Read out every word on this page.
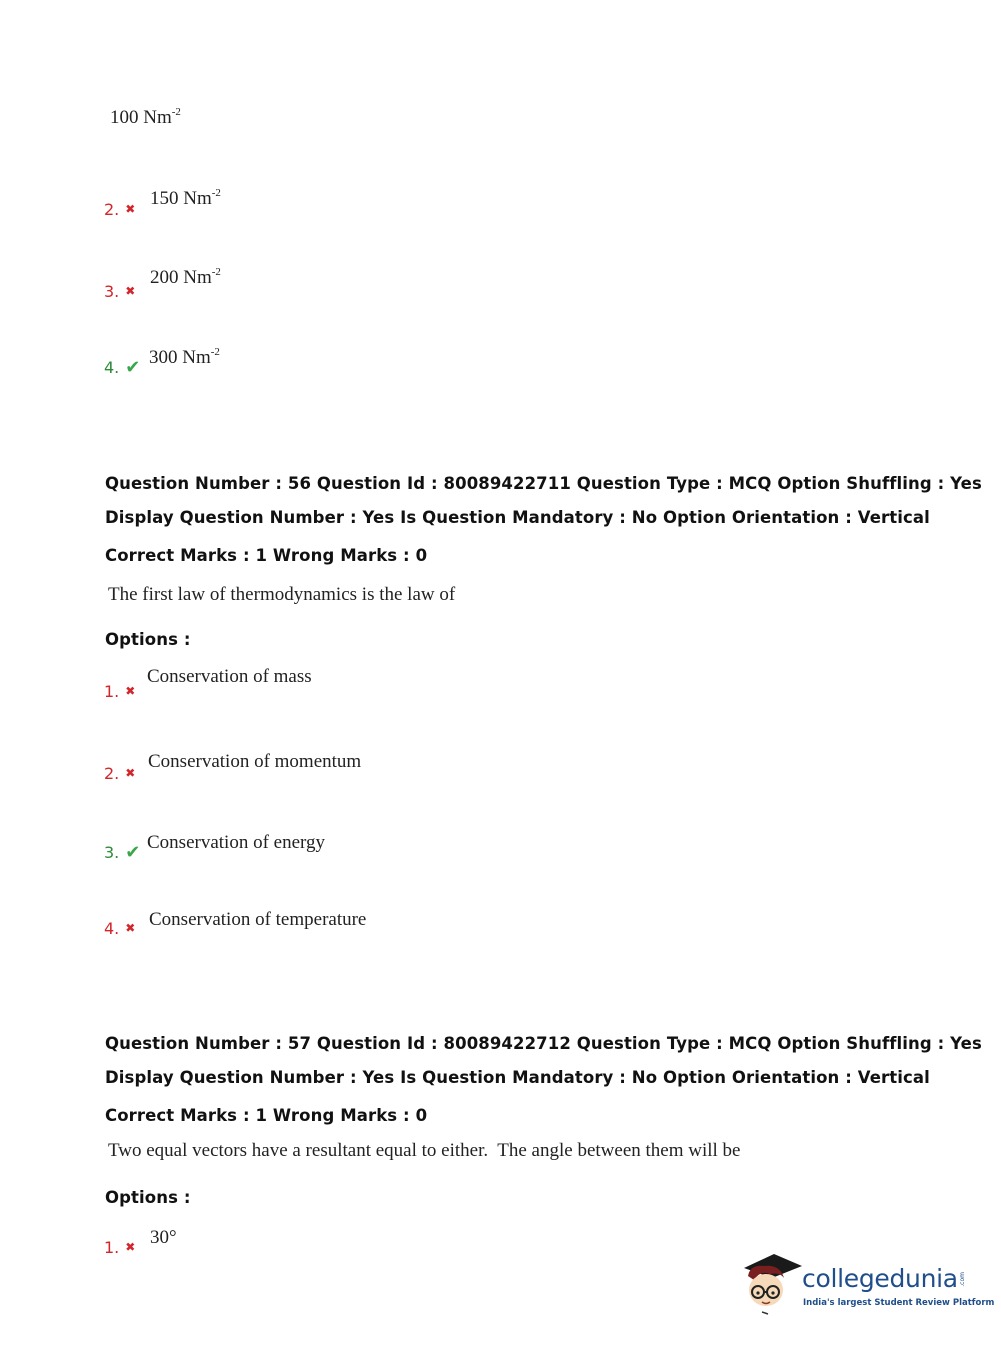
100 $Nm^{-2}$
2. ✖ 150 $Nm^{-2}$
3. ✖
200 $Nm^{-2}$
4. ✔ 300 $Nm^{-2}$
Question Number : 56 Question Id : 80089422711 Question Type : MCQ Option Shuffling : Yes
Display Question Number : Yes Is Question Mandatory : No Option Orientation : Vertical
Correct Marks : 1 Wrong Marks : 0
The first law of thermodynamics is the law of
Options :
1. ✖
Conservation of mass
2. ✖
Conservation of momentum
3. ✔ Conservation of energy
4. ✖ Conservation of temperature
Question Number : 57 Question Id : 80089422712 Question Type : MCQ Option Shuffling : Yes
Display Question Number : Yes Is Question Mandatory : No Option Orientation : Vertical
Correct Marks : 1 Wrong Marks : 0
Two equal vectors have a resultant equal to either.  The angle between them will be
Options :
1. ✖ 30°
collegedunia .com
India's largest Student Review Platform
